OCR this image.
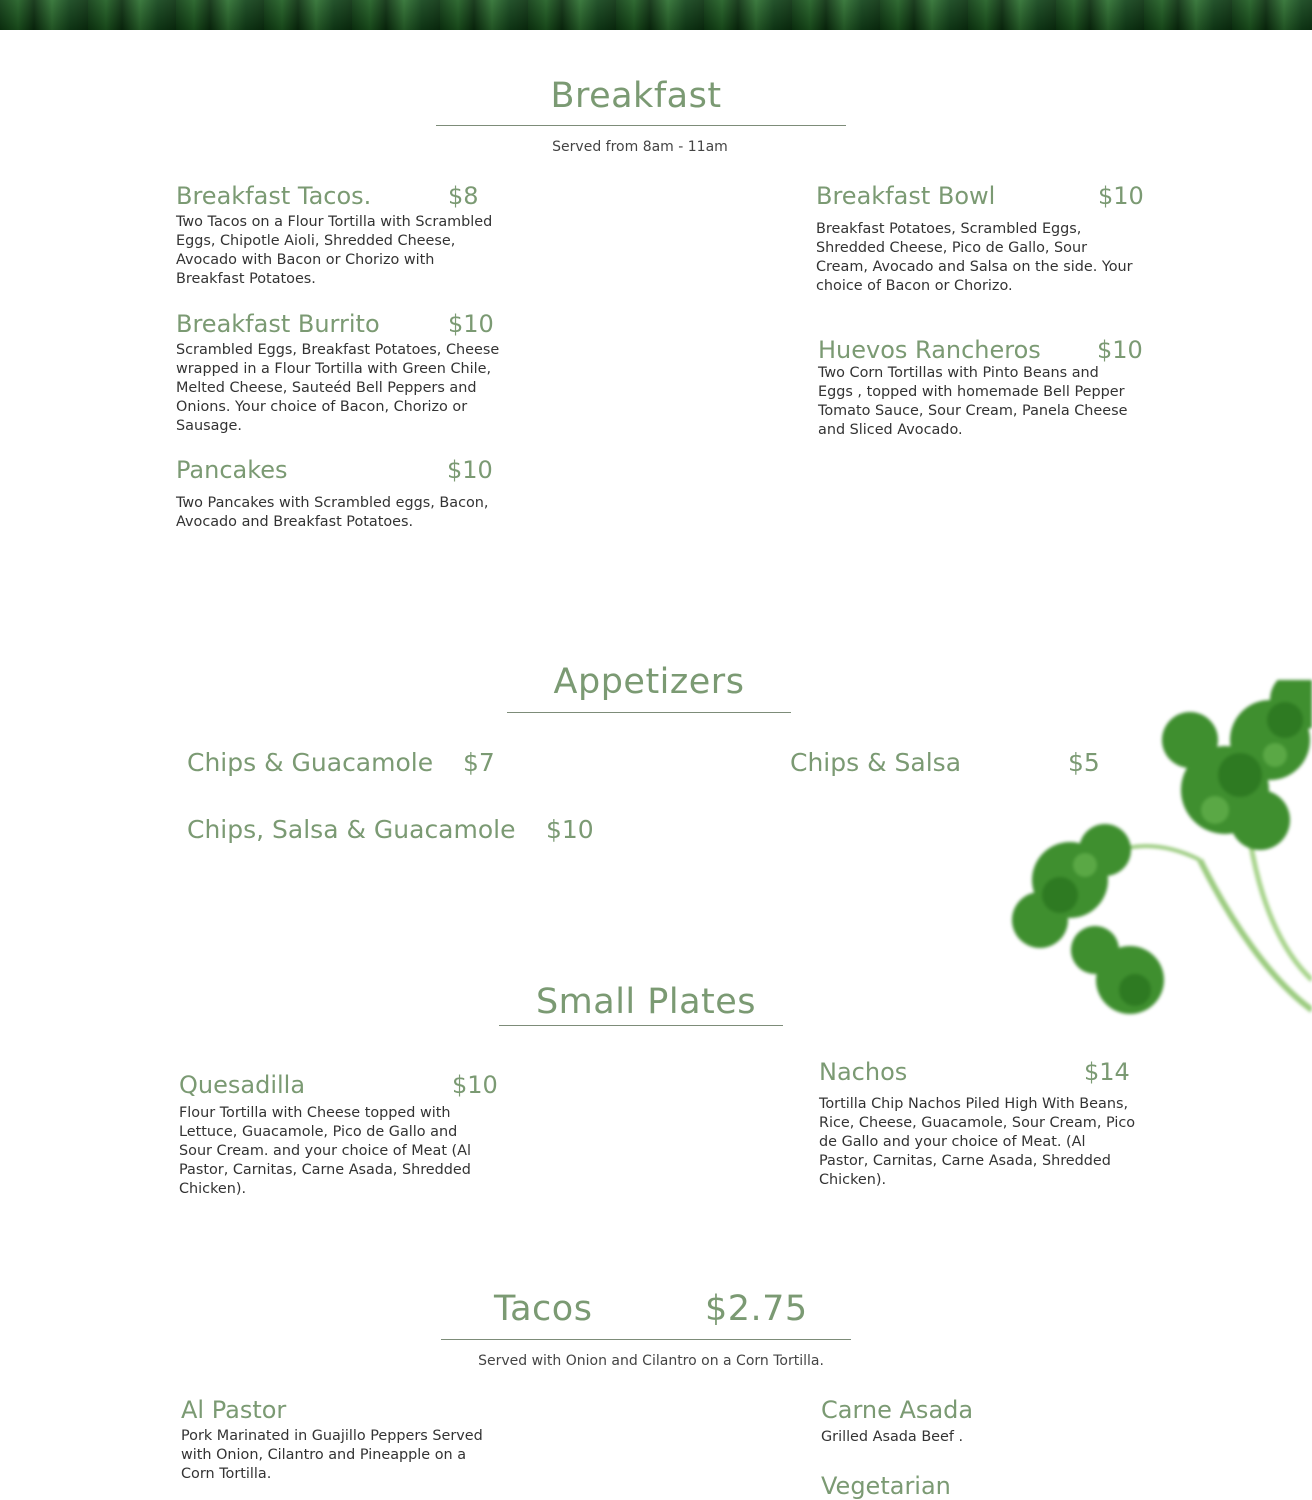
Breakfast
Served from 8am - 11am
Breakfast Tacos.	$8
Two Tacos on a Flour Tortilla with Scrambled Eggs, Chipotle Aioli, Shredded Cheese, Avocado with Bacon or Chorizo with Breakfast Potatoes.
Breakfast Burrito	$10
Scrambled Eggs, Breakfast Potatoes, Cheese wrapped in a Flour Tortilla with Green Chile, Melted Cheese, Sauteéd Bell Peppers and Onions. Your choice of Bacon, Chorizo or Sausage.
Pancakes	$10
Two Pancakes with Scrambled eggs, Bacon, Avocado and Breakfast Potatoes.
Breakfast Bowl	$10
Breakfast Potatoes, Scrambled Eggs, Shredded Cheese, Pico de Gallo, Sour Cream, Avocado and Salsa on the side. Your choice of Bacon or Chorizo.
Huevos Rancheros $10
Two Corn Tortillas with Pinto Beans and Eggs , topped with homemade Bell Pepper Tomato Sauce, Sour Cream, Panela Cheese and Sliced Avocado.
Appetizers
Chips & Guacamole $7	Chips & Salsa	$5
Chips, Salsa & Guacamole $10
Small Plates
Quesadilla	$10
Flour Tortilla with Cheese topped with Lettuce, Guacamole, Pico de Gallo and Sour Cream. and your choice of Meat (Al Pastor, Carnitas, Carne Asada, Shredded Chicken).
Nachos	$14
Tortilla Chip Nachos Piled High With Beans, Rice, Cheese, Guacamole, Sour Cream, Pico de Gallo and your choice of Meat. (Al Pastor, Carnitas, Carne Asada, Shredded Chicken).
Tacos	$2.75
Served with Onion and Cilantro on a Corn Tortilla.
Al Pastor
Pork Marinated in Guajillo Peppers Served with Onion, Cilantro and Pineapple on a Corn Tortilla.
Carne Asada
Grilled Asada Beef .
Vegetarian
